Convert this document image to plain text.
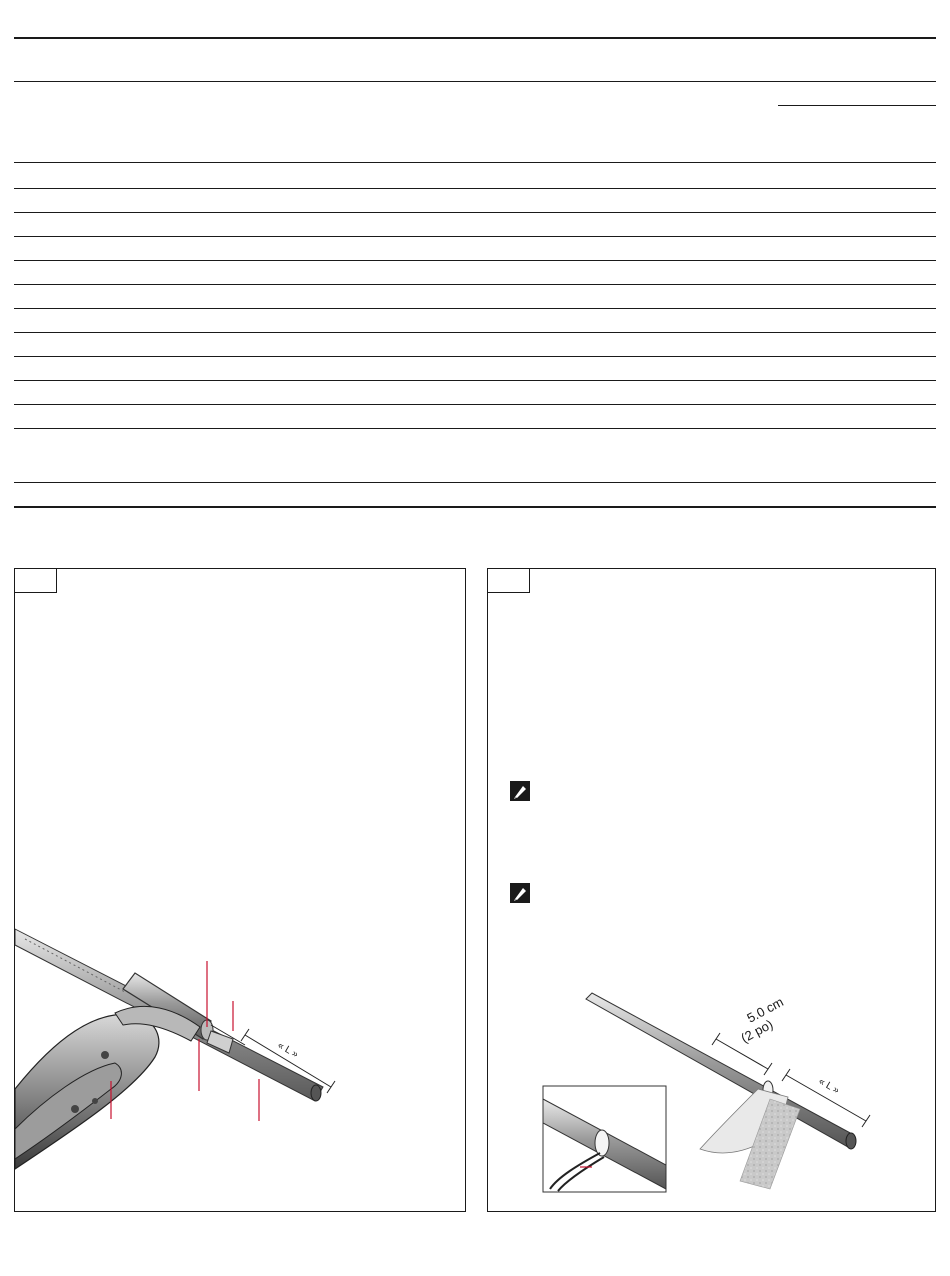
« L »
5.0 cm
(2 po)
« L »
